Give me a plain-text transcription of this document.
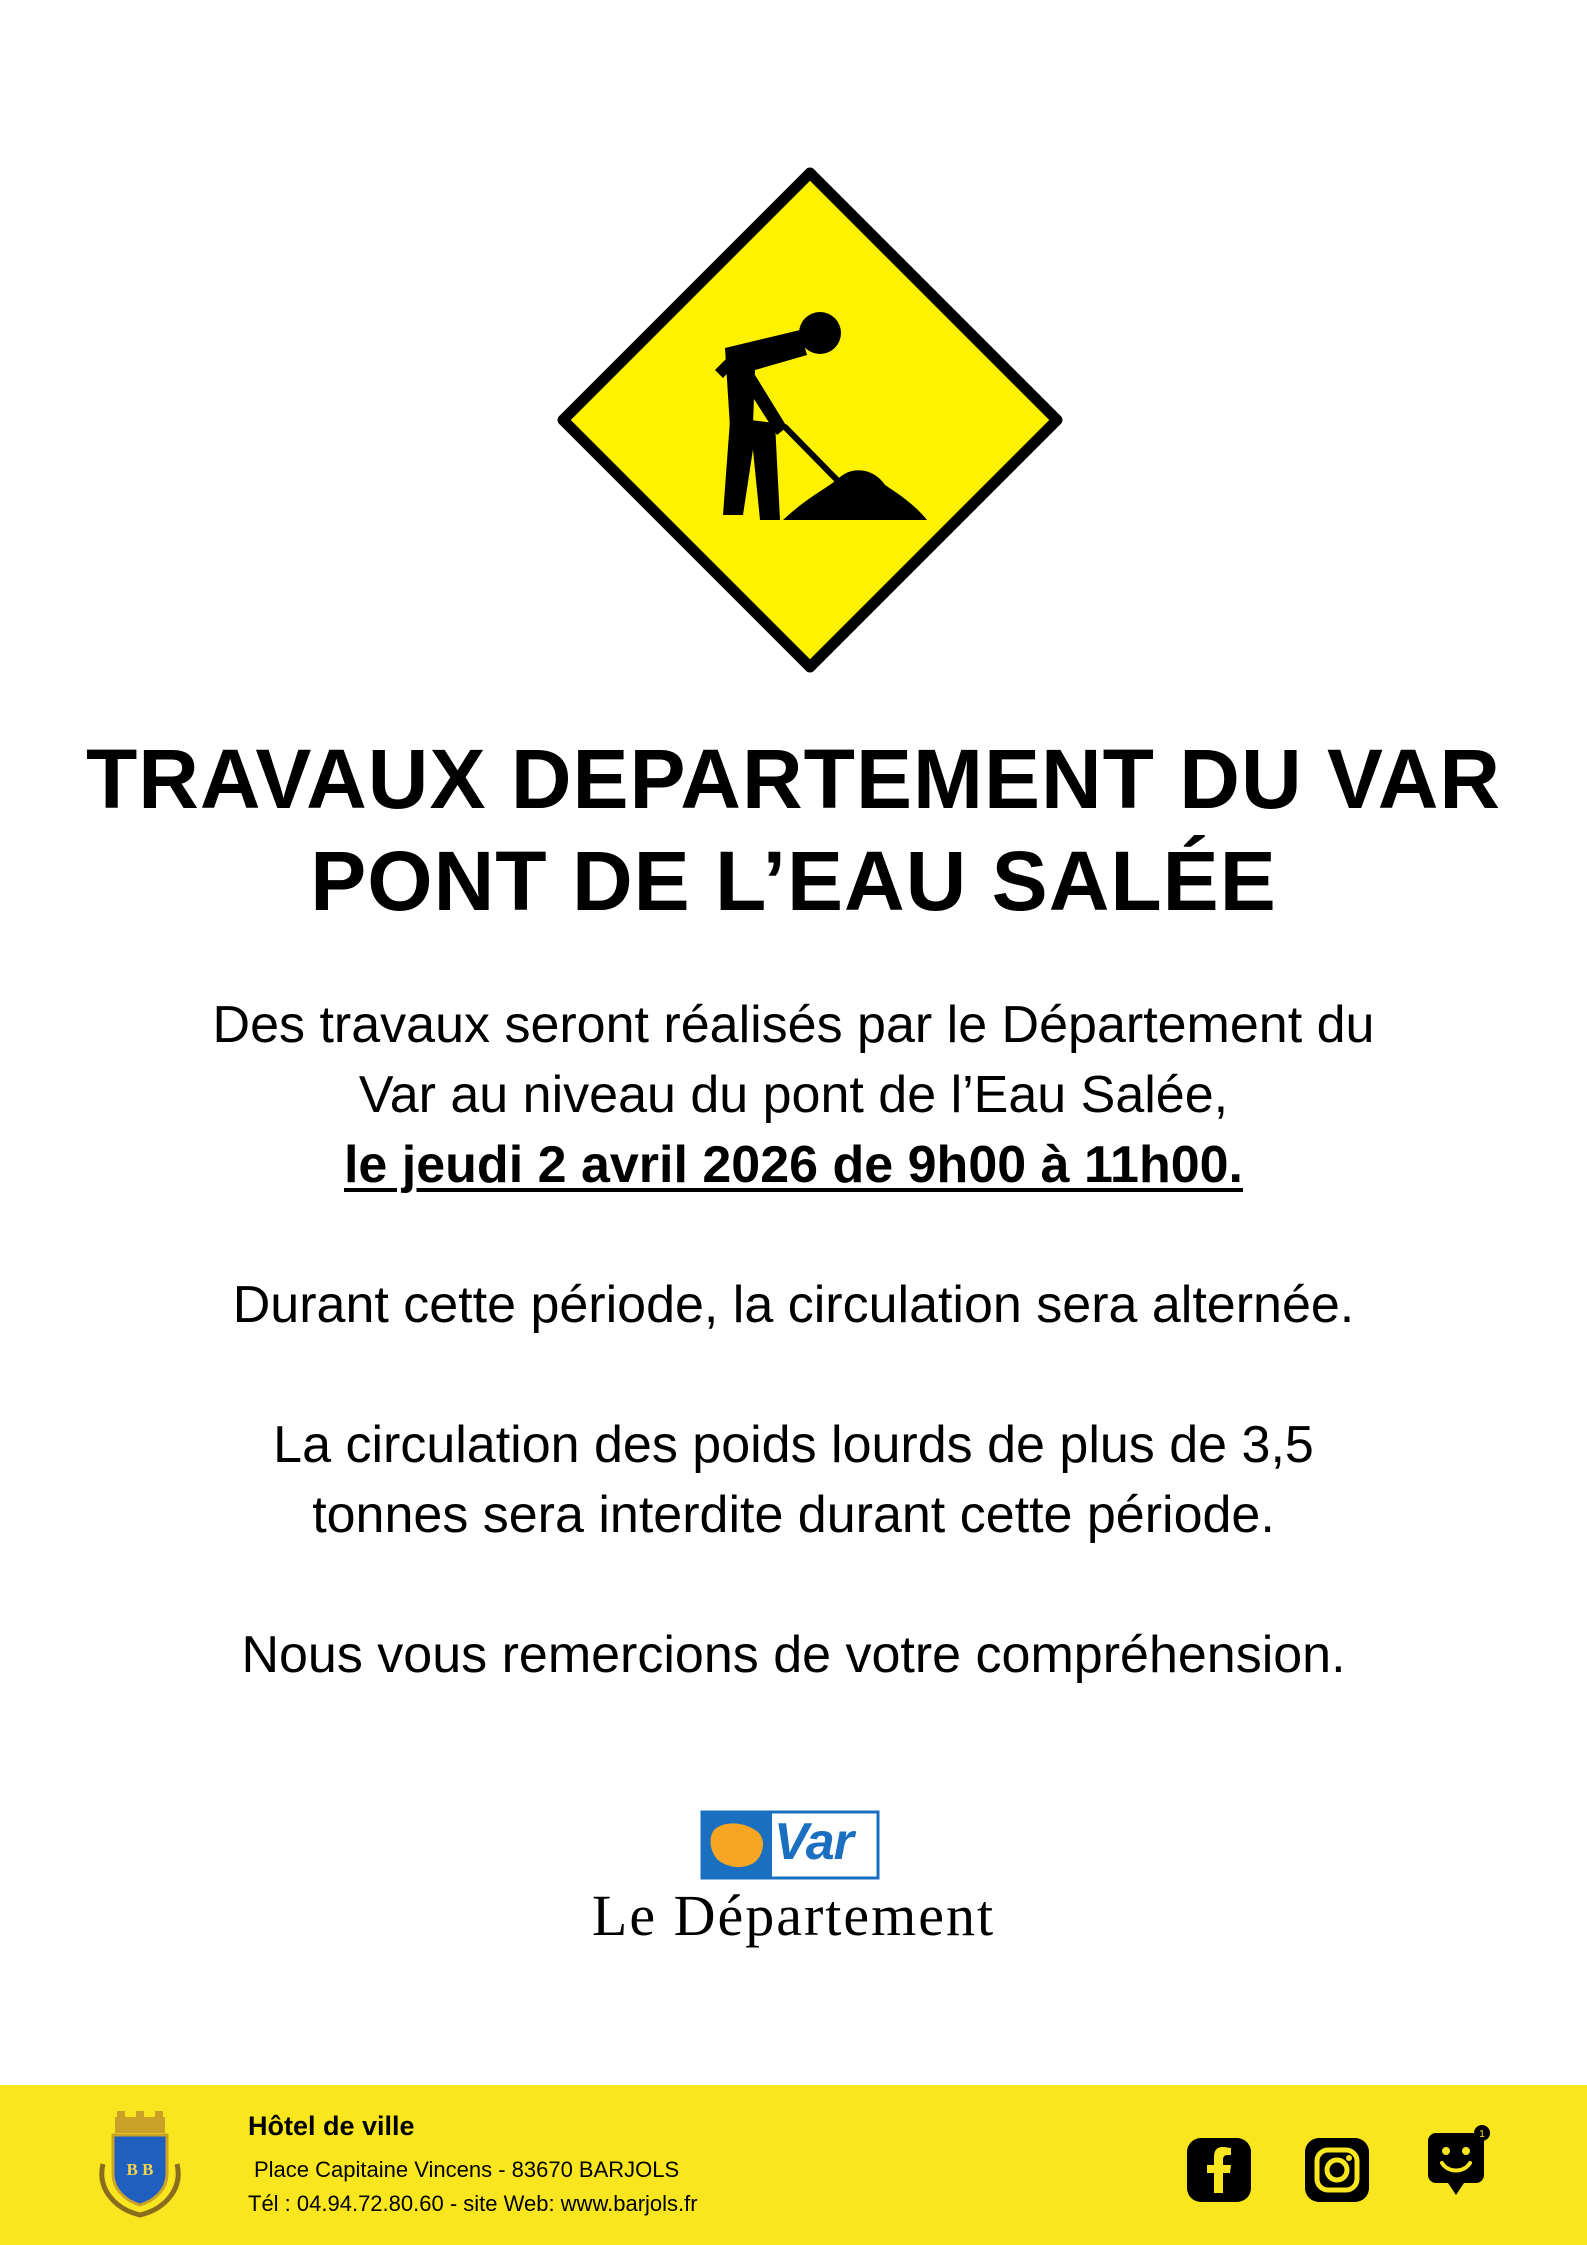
TRAVAUX DEPARTEMENT DU VAR
PONT DE L’EAU SALÉE

Des travaux seront réalisés par le Département du

Var au niveau du pont de l’Eau Salée,

le jeudi 2 avril 2026 de 9h00 à 11h00.

Durant cette période, la circulation sera alternée.

La circulation des poids lourds de plus de 3,5

tonnes sera interdite durant cette période.

Nous vous remercions de votre compréhension.

Var
Le Département
B B
Hôtel de ville
Place Capitaine Vincens - 83670 BARJOLS
Tél : 04.94.72.80.60 - site Web: www.barjols.fr
1
